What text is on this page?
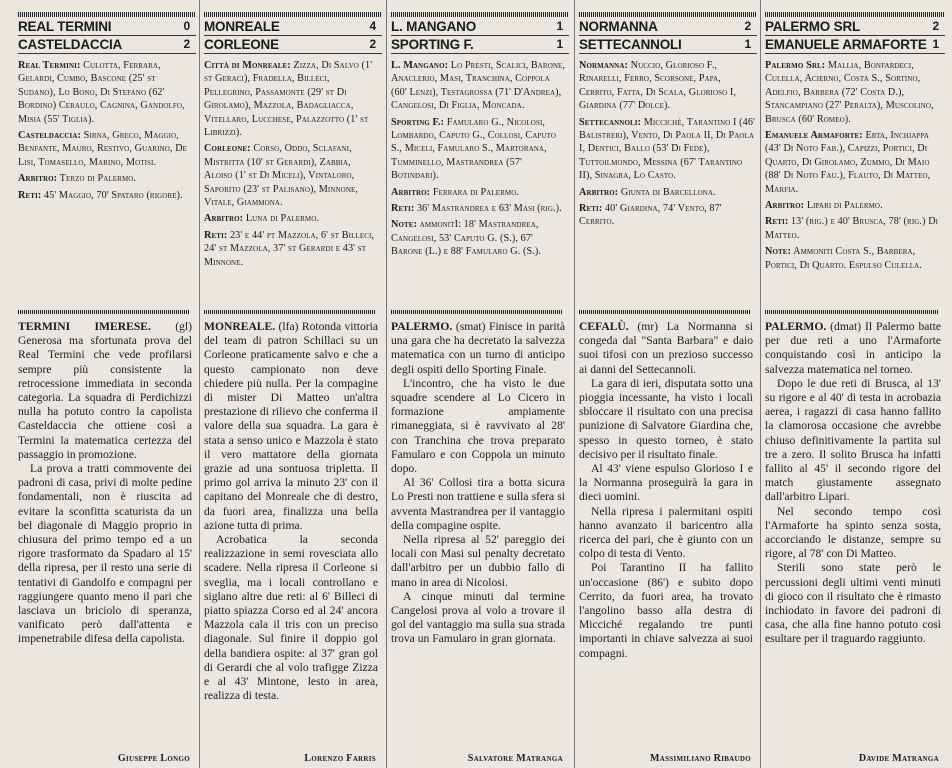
REAL TERMINI	0
CASTELDACCIA	2

Real Termini: Culotta, Ferrara, Gelardi, Cumbo, Bascone (25' st Sudano), Lo Bono, Di Stefano (62' Bordino) Ceraulo, Cagnina, Gandolfo, Misia (55' Tiglia).

Casteldaccia: Sirna, Greco, Maggio, Benfante, Mauro, Restivo, Guarino, De Lisi, Tomasello, Marino, Motisi.

Arbitro: Terzo di Palermo.

Reti: 45' Maggio, 70' Spataro (rigore).

TERMINI IMERESE. (gl) Generosa ma sfortunata prova del Real Termini che vede profilarsi sempre più consistente la retrocessione immediata in seconda categoria. La squadra di Perdichizzi nulla ha potuto contro la capolista Casteldaccia che ottiene così a Termini la matematica certezza del passaggio in promozione.

La prova a tratti commovente dei padroni di casa, privi di molte pedine fondamentali, non è riuscita ad evitare la sconfitta scaturista da un bel diagonale di Maggio proprio in chiusura del primo tempo ed a un rigore trasformato da Spadaro al 15' della ripresa, per il resto una serie di tentativi di Gandolfo e compagni per raggiungere quanto meno il pari che lasciava un briciolo di speranza, vanificato però dall'attenta e impenetrabile difesa della capolista.

Giuseppe Longo
MONREALE	4
CORLEONE	2

Città di Monreale: Zizza, Di Salvo (1' st Geraci), Fradella, Billeci, Pellegrino, Passamonte (29' st Di Girolamo), Mazzola, Badagliacca, Vitellaro, Lucchese, Palazzotto (1' st Librizzi).

Corleone: Corso, Oddo, Sclafani, Mistritta (10' st Gerardi), Zabbia, Aloiso (1' st Di Miceli), Vintaloro, Saporito (23' st Palisano), Minnone, Vitale, Giammona.

Arbitro: Luna di Palermo.

Reti: 23' e 44' pt Mazzola, 6' st Billeci, 24' st Mazzola, 37' st Gerardi e 43' st Minnone.

MONREALE. (lfa) Rotonda vittoria del team di patron Schillaci su un Corleone praticamente salvo e che a questo campionato non deve chiedere più nulla. Per la compagine di mister Di Matteo un'altra prestazione di rilievo che conferma il valore della sua squadra. La gara è stata a senso unico e Mazzola è stato il vero mattatore della giornata grazie ad una sontuosa tripletta. Il primo gol arriva la minuto 23' con il capitano del Monreale che di destro, da fuori area, finalizza una bella azione tutta di prima.

Acrobatica la seconda realizzazione in semi rovesciata allo scadere. Nella ripresa il Corleone si sveglia, ma i locali controllano e siglano altre due reti: al 6' Billeci di piatto spiazza Corso ed al 24' ancora Mazzola cala il tris con un preciso diagonale. Sul finire il doppio gol della bandiera ospite: al 37' gran gol di Gerardi che al volo trafigge Zizza e al 43' Mintone, lesto in area, realizza di testa.

Lorenzo Farris
L. MANGANO	1
SPORTING F.	1

L. Mangano: Lo Presti, Scalici, Barone, Anaclerio, Masi, Tranchina, Coppola (60' Lenzi), Testagrossa (71' D'Andrea), Cangelosi, Di Figlia, Moncada.

Sporting F.: Famularo G., Nicolosi, Lombardo, Caputo G., Collosi, Caputo S., Miceli, Famularo S., Martorana, Tumminello, Mastrandrea (57' Botindari).

Arbitro: Ferrara di Palermo.

Reti: 36' Mastrandrea e 63' Masi (rig.).

Note: ammonitI: 18' Mastrandrea, Cangelosi, 53' Caputo G. (S.), 67' Barone (L.) e 88' Famularo G. (S.).

PALERMO. (smat) Finisce in parità una gara che ha decretato la salvezza matematica con un turno di anticipo degli ospiti dello Sporting Finale.

L'incontro, che ha visto le due squadre scendere al Lo Cicero in formazione ampiamente rimaneggiata, si è ravvivato al 28' con Tranchina che trova preparato Famularo e con Coppola un minuto dopo.

Al 36' Collosi tira a botta sicura Lo Presti non trattiene e sulla sfera si avventa Mastrandrea per il vantaggio della compagine ospite.

Nella ripresa al 52' pareggio dei locali con Masi sul penalty decretato dall'arbitro per un dubbio fallo di mano in area di Nicolosi.

A cinque minuti dal termine Cangelosi prova al volo a trovare il gol del vantaggio ma sulla sua strada trova un Famularo in gran giornata.

Salvatore Matranga
NORMANNA	2
SETTECANNOLI	1

Normanna: Nuccio, Glorioso F., Rinarelli, Ferro, Scorsone, Papa, Cerrito, Fatta, Di Scala, Glorioso I, Giardina (77' Dolce).

Settecannoli: Micciché, Tarantino I (46' Balistreri), Vento, Di Paola II, Di Paola I, Dentici, Ballo (53' Di Fede), Tuttoilmondo, Messina (67' Tarantino II), Sinagra, Lo Casto.

Arbitro: Giunta di Barcellona.

Reti: 40' Giardina, 74' Vento, 87' Cerrito.

CEFALÙ. (mr) La Normanna si congeda dal "Santa Barbara" e daio suoi tifosi con un prezioso successo ai danni del Settecannoli.

La gara di ieri, disputata sotto una pioggia incessante, ha visto i locali sbloccare il risultato con una precisa punizione di Salvatore Giardina che, spesso in questo torneo, è stato decisivo per il risultato finale.

Al 43' viene espulso Glorioso I e la Normanna proseguirà la gara in dieci uomini.

Nella ripresa i palermitani ospiti hanno avanzato il baricentro alla ricerca del pari, che è giunto con un colpo di testa di Vento.

Poi Tarantino II ha fallito un'occasione (86') e subito dopo Cerrito, da fuori area, ha trovato l'angolino basso alla destra di Micciché regalando tre punti importanti in chiave salvezza ai suoi compagni.

Massimiliano Ribaudo
PALERMO SRL	2
EMANUELE ARMAFORTE 1

Palermo Srl: Mallia, Bonfardeci, Culella, Acierno, Costa S., Sortino, Adelfio, Barbera (72' Costa D.), Stancampiano (27' Peralta), Muscolino, Brusca (60' Romeo).

Emanuele Armaforte: Erta, Inchiappa (43' Di Noto Fab.), Capizzi, Portici, Di Quarto, Di Girolamo, Zummo, Di Maio (88' Di Noto Fau.), Flauto, Di Matteo, Marfia.

Arbitro: Lipari di Palermo.

Reti: 13' (rig.) e 40' Brusca, 78' (rig.) Di Matteo.

Note: Ammoniti Costa S., Barbera, Portici, Di Quarto. Espulso Culella.

PALERMO. (dmat) Il Palermo batte per due reti a uno l'Armaforte conquistando così in anticipo la salvezza matematica nel torneo.

Dopo le due reti di Brusca, al 13' su rigore e al 40' di testa in acrobazia aerea, i ragazzi di casa hanno fallito la clamorosa occasione che avrebbe chiuso definitivamente la partita sul tre a zero. Il solito Brusca ha infatti fallito al 45' il secondo rigore del match giustamente assegnato dall'arbitro Lipari.

Nel secondo tempo così l'Armaforte ha spinto senza sosta, accorciando le distanze, sempre su rigore, al 78' con Di Matteo.

Sterili sono state però le percussioni degli ultimi venti minuti di gioco con il risultato che è rimasto inchiodato in favore dei padroni di casa, che alla fine hanno potuto così esultare per il traguardo raggiunto.

Davide Matranga
